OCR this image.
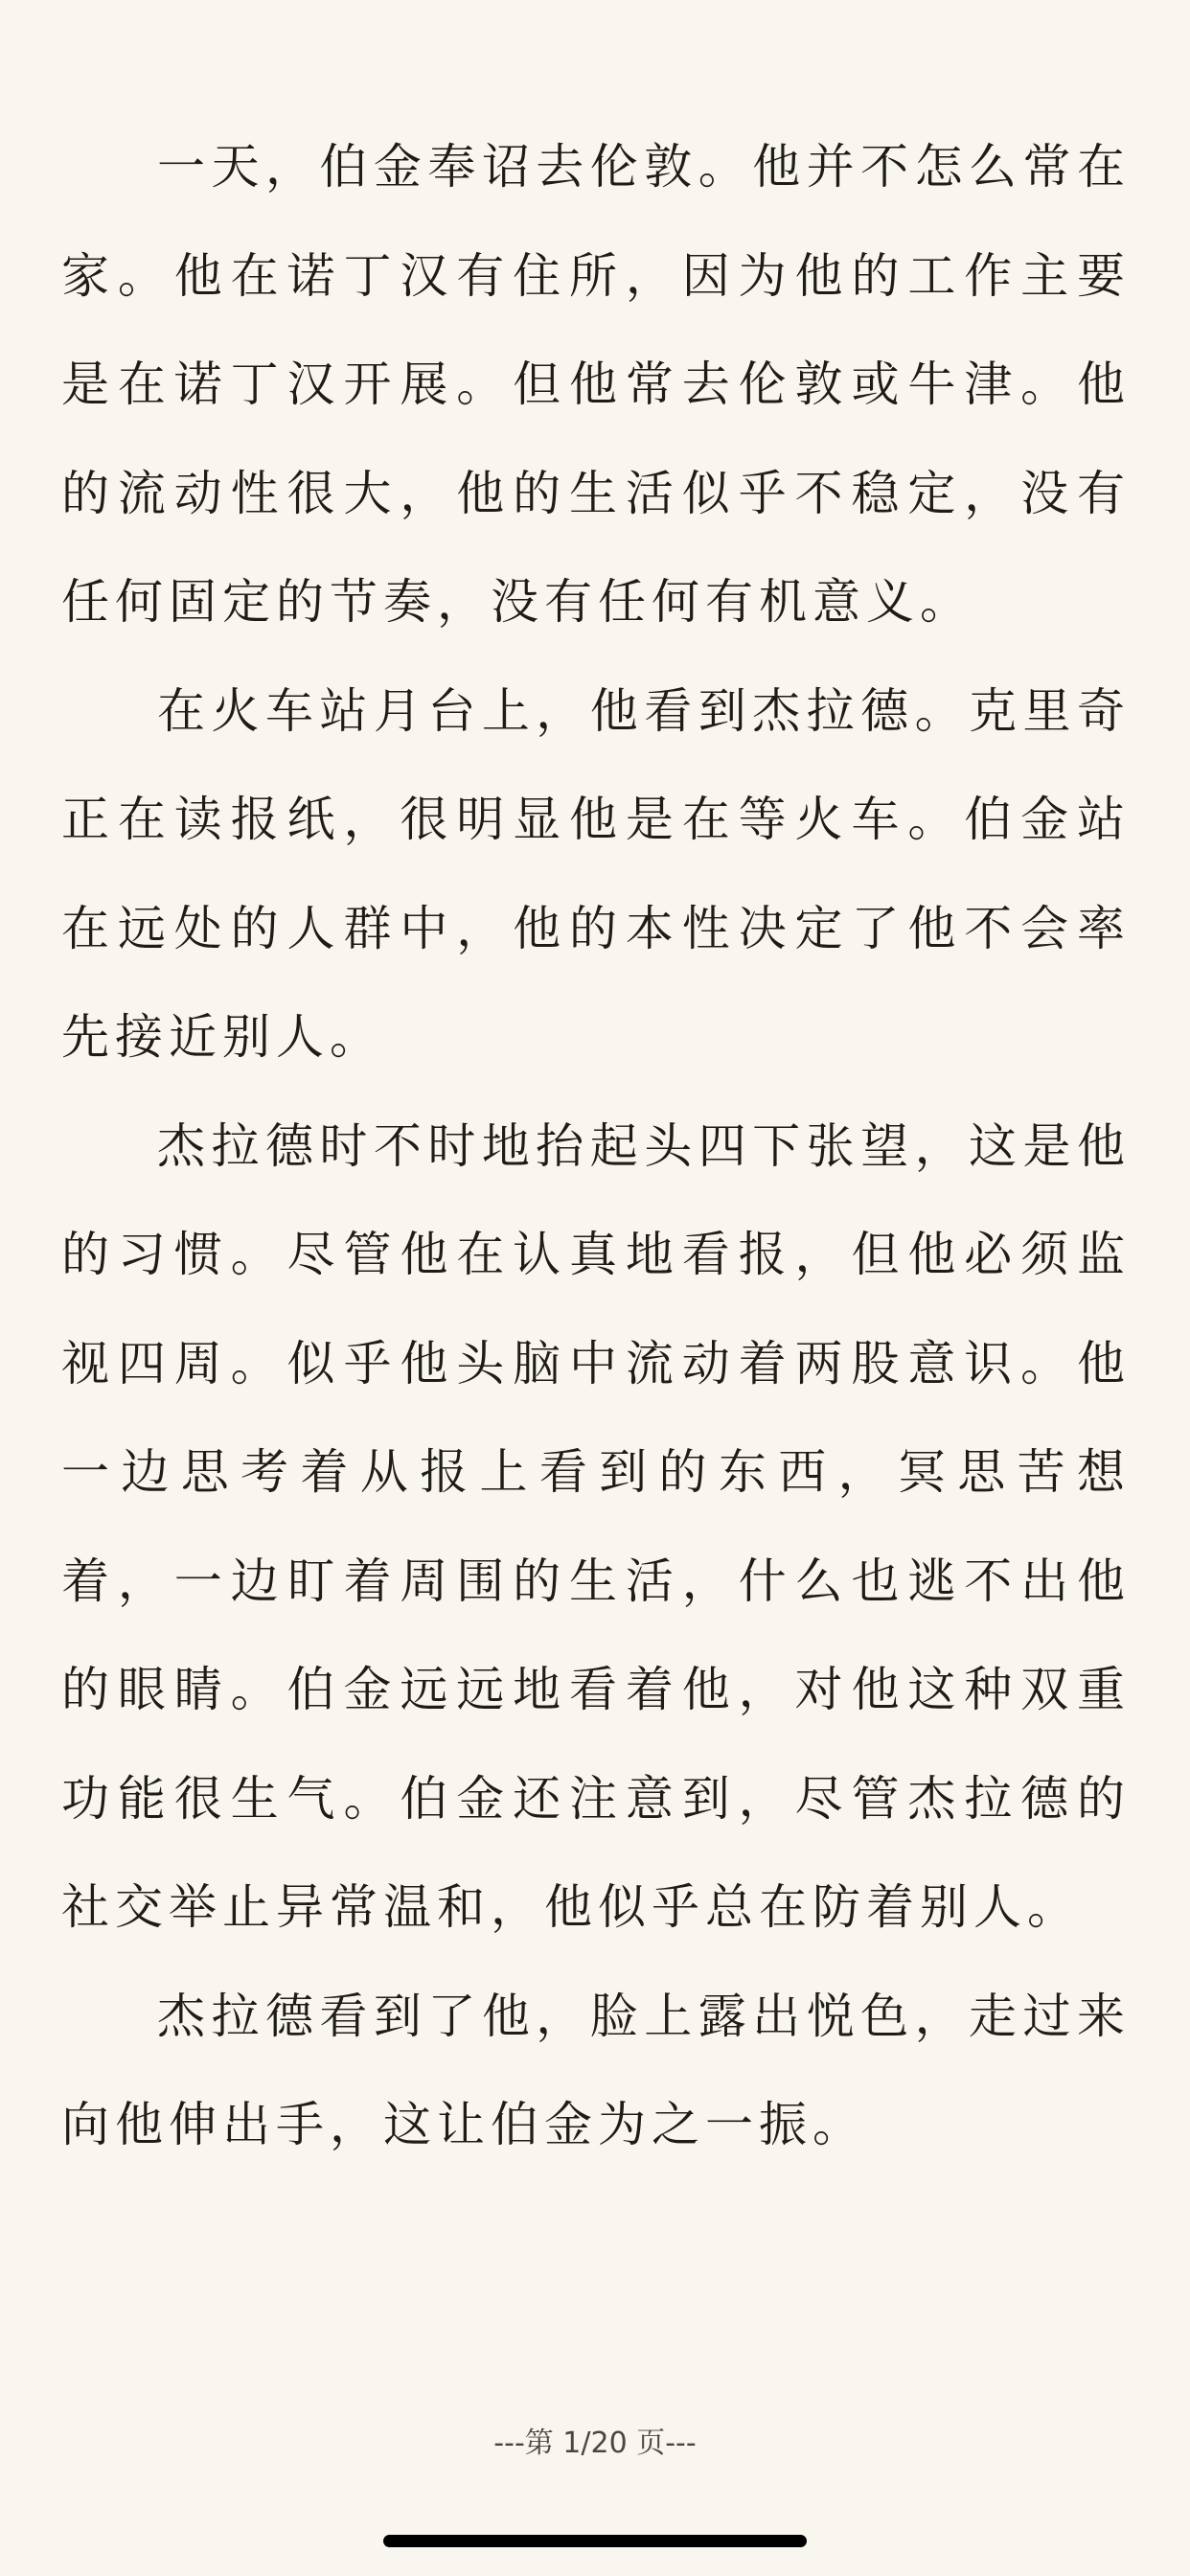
一天，伯金奉诏去伦敦。他并不怎么常在家。他在诺丁汉有住所，因为他的工作主要是在诺丁汉开展。但他常去伦敦或牛津。他的流动性很大，他的生活似乎不稳定，没有任何固定的节奏，没有任何有机意义。

在火车站月台上，他看到杰拉德。克里奇正在读报纸，很明显他是在等火车。伯金站在远处的人群中，他的本性决定了他不会率先接近别人。

杰拉德时不时地抬起头四下张望，这是他的习惯。尽管他在认真地看报，但他必须监视四周。似乎他头脑中流动着两股意识。他一边思考着从报上看到的东西，冥思苦想着，一边盯着周围的生活，什么也逃不出他的眼睛。伯金远远地看着他，对他这种双重功能很生气。伯金还注意到，尽管杰拉德的社交举止异常温和，他似乎总在防着别人。

杰拉德看到了他，脸上露出悦色，走过来向他伸出手，这让伯金为之一振。

---第 1/20 页---
